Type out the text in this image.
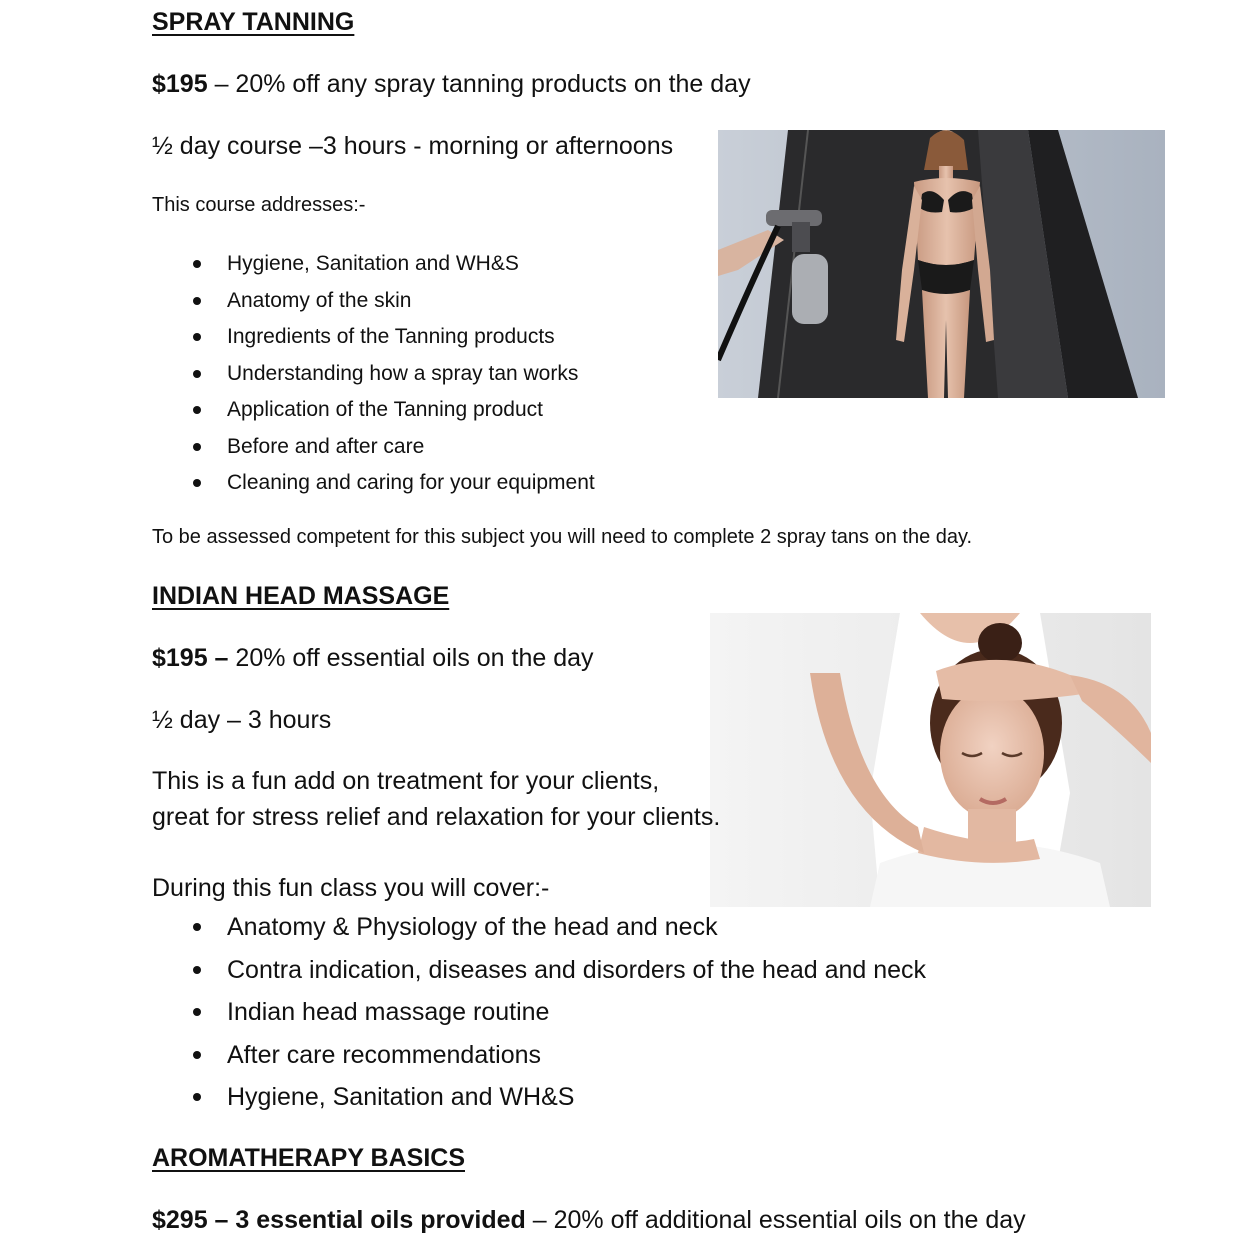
SPRAY TANNING
$195 – 20% off any spray tanning products on the day
½ day course –3 hours - morning or afternoons
This course addresses:-
Hygiene, Sanitation and WH&S
Anatomy of the skin
Ingredients of the Tanning products
Understanding how a spray tan works
Application of the Tanning product
Before and after care
Cleaning and caring for your equipment
To be assessed competent for this subject you will need to complete 2 spray tans on the day.
INDIAN HEAD MASSAGE
$195 – 20% off essential oils on the day
½ day – 3 hours
This is a fun add on treatment for your clients,
great for stress relief and relaxation for your clients.
During this fun class you will cover:-
Anatomy & Physiology of the head and neck
Contra indication, diseases and disorders of the head and neck
Indian head massage routine
After care recommendations
Hygiene, Sanitation and WH&S
AROMATHERAPY BASICS
$295 – 3 essential oils provided – 20% off additional essential oils on the day
